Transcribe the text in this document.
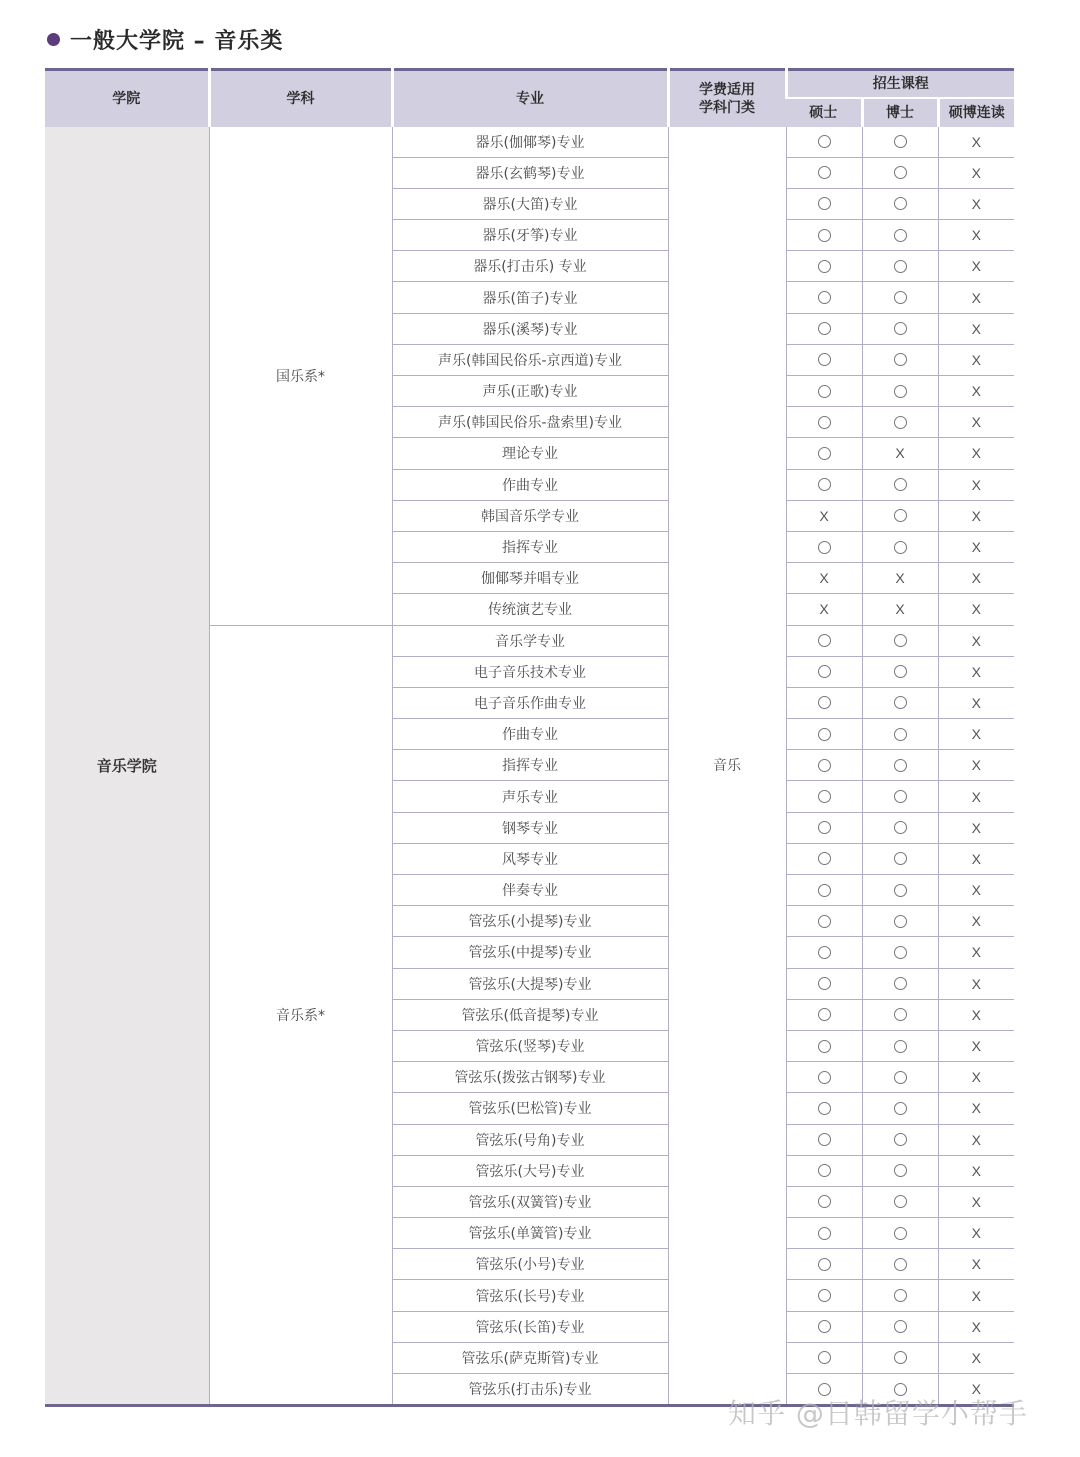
一般大学院 – 音乐类
学院	学科	专业	学费适用
学科门类	招生课程		
				硕士	博士	硕博连读
音乐学院	国乐系*	器乐(伽倻琴)专业	音乐			X
		器乐(玄鹤琴)专业				X
		器乐(大笛)专业				X
		器乐(牙筝)专业				X
		器乐(打击乐) 专业				X
		器乐(笛子)专业				X
		器乐(溪琴)专业				X
		声乐(韩国民俗乐-京西道)专业				X
		声乐(正歌)专业				X
		声乐(韩国民俗乐-盘索里)专业				X
		理论专业			X	X
		作曲专业				X
		韩国音乐学专业		X		X
		指挥专业				X
		伽倻琴并唱专业		X	X	X
		传统演艺专业		X	X	X
	音乐系*	音乐学专业				X
		电子音乐技术专业				X
		电子音乐作曲专业				X
		作曲专业				X
		指挥专业				X
		声乐专业				X
		钢琴专业				X
		风琴专业				X
		伴奏专业				X
		管弦乐(小提琴)专业				X
		管弦乐(中提琴)专业				X
		管弦乐(大提琴)专业				X
		管弦乐(低音提琴)专业				X
		管弦乐(竖琴)专业				X
		管弦乐(拨弦古钢琴)专业				X
		管弦乐(巴松管)专业				X
		管弦乐(号角)专业				X
		管弦乐(大号)专业				X
		管弦乐(双簧管)专业				X
		管弦乐(单簧管)专业				X
		管弦乐(小号)专业				X
		管弦乐(长号)专业				X
		管弦乐(长笛)专业				X
		管弦乐(萨克斯管)专业				X
		管弦乐(打击乐)专业				X
知乎 @日韩留学小帮手
